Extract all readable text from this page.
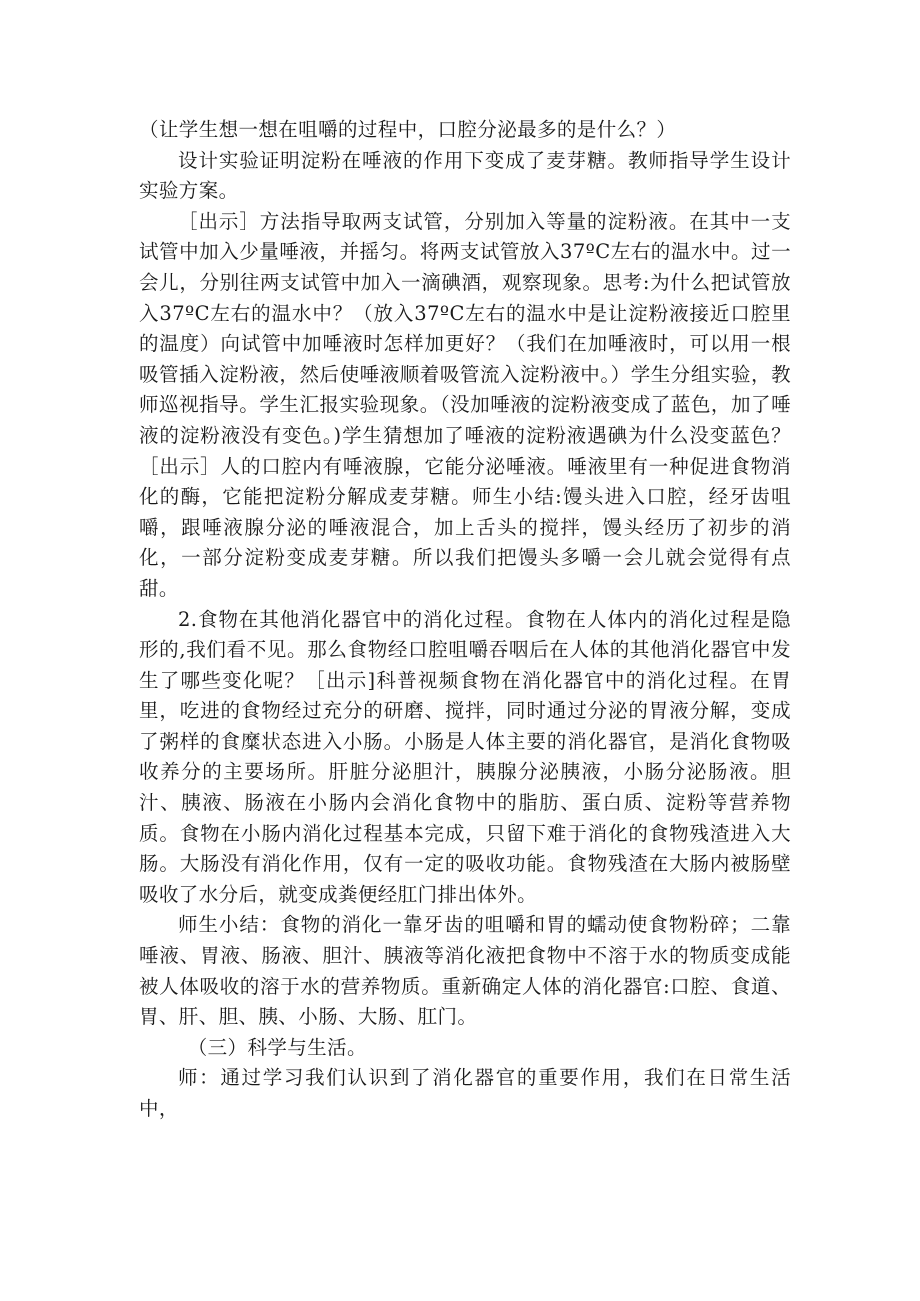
（让学生想一想在咀嚼的过程中，口腔分泌最多的是什么？）

设计实验证明淀粉在唾液的作用下变成了麦芽糖。教师指导学生设计实验方案。

［出示］方法指导取两支试管，分别加入等量的淀粉液。在其中一支试管中加入少量唾液，并摇匀。将两支试管放入37ºC左右的温水中。过一会儿，分别往两支试管中加入一滴碘酒，观察现象。思考:为什么把试管放入37ºC左右的温水中？（放入37ºC左右的温水中是让淀粉液接近口腔里的温度）向试管中加唾液时怎样加更好？（我们在加唾液时，可以用一根吸管插入淀粉液，然后使唾液顺着吸管流入淀粉液中。）学生分组实验，教师巡视指导。学生汇报实验现象。（没加唾液的淀粉液变成了蓝色，加了唾液的淀粉液没有变色。)学生猜想加了唾液的淀粉液遇碘为什么没变蓝色？［出示］人的口腔内有唾液腺，它能分泌唾液。唾液里有一种促进食物消化的酶，它能把淀粉分解成麦芽糖。师生小结:馒头进入口腔，经牙齿咀嚼，跟唾液腺分泌的唾液混合，加上舌头的搅拌，馒头经历了初步的消化，一部分淀粉变成麦芽糖。所以我们把馒头多嚼一会儿就会觉得有点甜。

2.食物在其他消化器官中的消化过程。食物在人体内的消化过程是隐形的,我们看不见。那么食物经口腔咀嚼吞咽后在人体的其他消化器官中发生了哪些变化呢？［出示]科普视频食物在消化器官中的消化过程。在胃里，吃进的食物经过充分的研磨、搅拌，同时通过分泌的胃液分解，变成了粥样的食糜状态进入小肠。小肠是人体主要的消化器官，是消化食物吸收养分的主要场所。肝脏分泌胆汁，胰腺分泌胰液，小肠分泌肠液。胆汁、胰液、肠液在小肠内会消化食物中的脂肪、蛋白质、淀粉等营养物质。食物在小肠内消化过程基本完成，只留下难于消化的食物残渣进入大肠。大肠没有消化作用，仅有一定的吸收功能。食物残渣在大肠内被肠壁吸收了水分后，就变成粪便经肛门排出体外。

师生小结：食物的消化一靠牙齿的咀嚼和胃的蠕动使食物粉碎；二靠唾液、胃液、肠液、胆汁、胰液等消化液把食物中不溶于水的物质变成能被人体吸收的溶于水的营养物质。重新确定人体的消化器官:口腔、食道、胃、肝、胆、胰、小肠、大肠、肛门。

（三）科学与生活。

师：通过学习我们认识到了消化器官的重要作用，我们在日常生活中，
